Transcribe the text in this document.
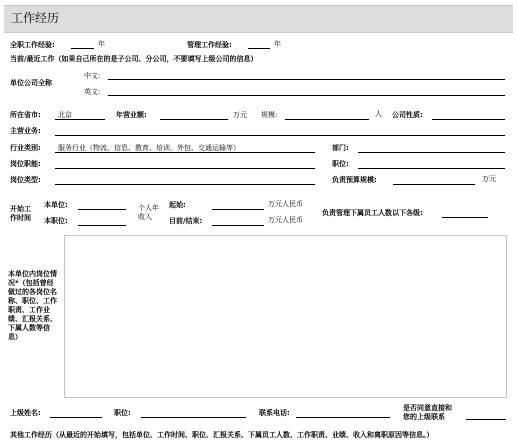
工作经历
全职工作经验:	年	管理工作经验:	年
当前/最近工作（如果自己所在的是子公司、分公司，不要填写上级公司的信息）
单位公司全称
中文:
英文:
所在省市: 北京	年营业额:	万元 规模:	人 公司性质:
主营业务:
行业类别: 服务行业（物流、信息、教育、培训、外包、交通运输等）	部门:
岗位职能:	职位:
岗位类型:	负责预算规模:	万元
开始工
作时间
本单位:
本职位:
个人年
收入
起始:	万元人民币
目前/结束:	万元人民币
负责管理下属员工人数以下各级:
本单位内岗位情况*（包括曾经做过的各岗位名称、职位、工作职责、工作业绩、汇报关系、下属人数等信息）
上级姓名:	职位:	联系电话:
是否同意直接和
您的上级联系
其他工作经历（从最近的开始填写，包括单位、工作时间、职位、汇报关系、下属员工人数、工作职责、业绩、收入和离职原因等信息。）
